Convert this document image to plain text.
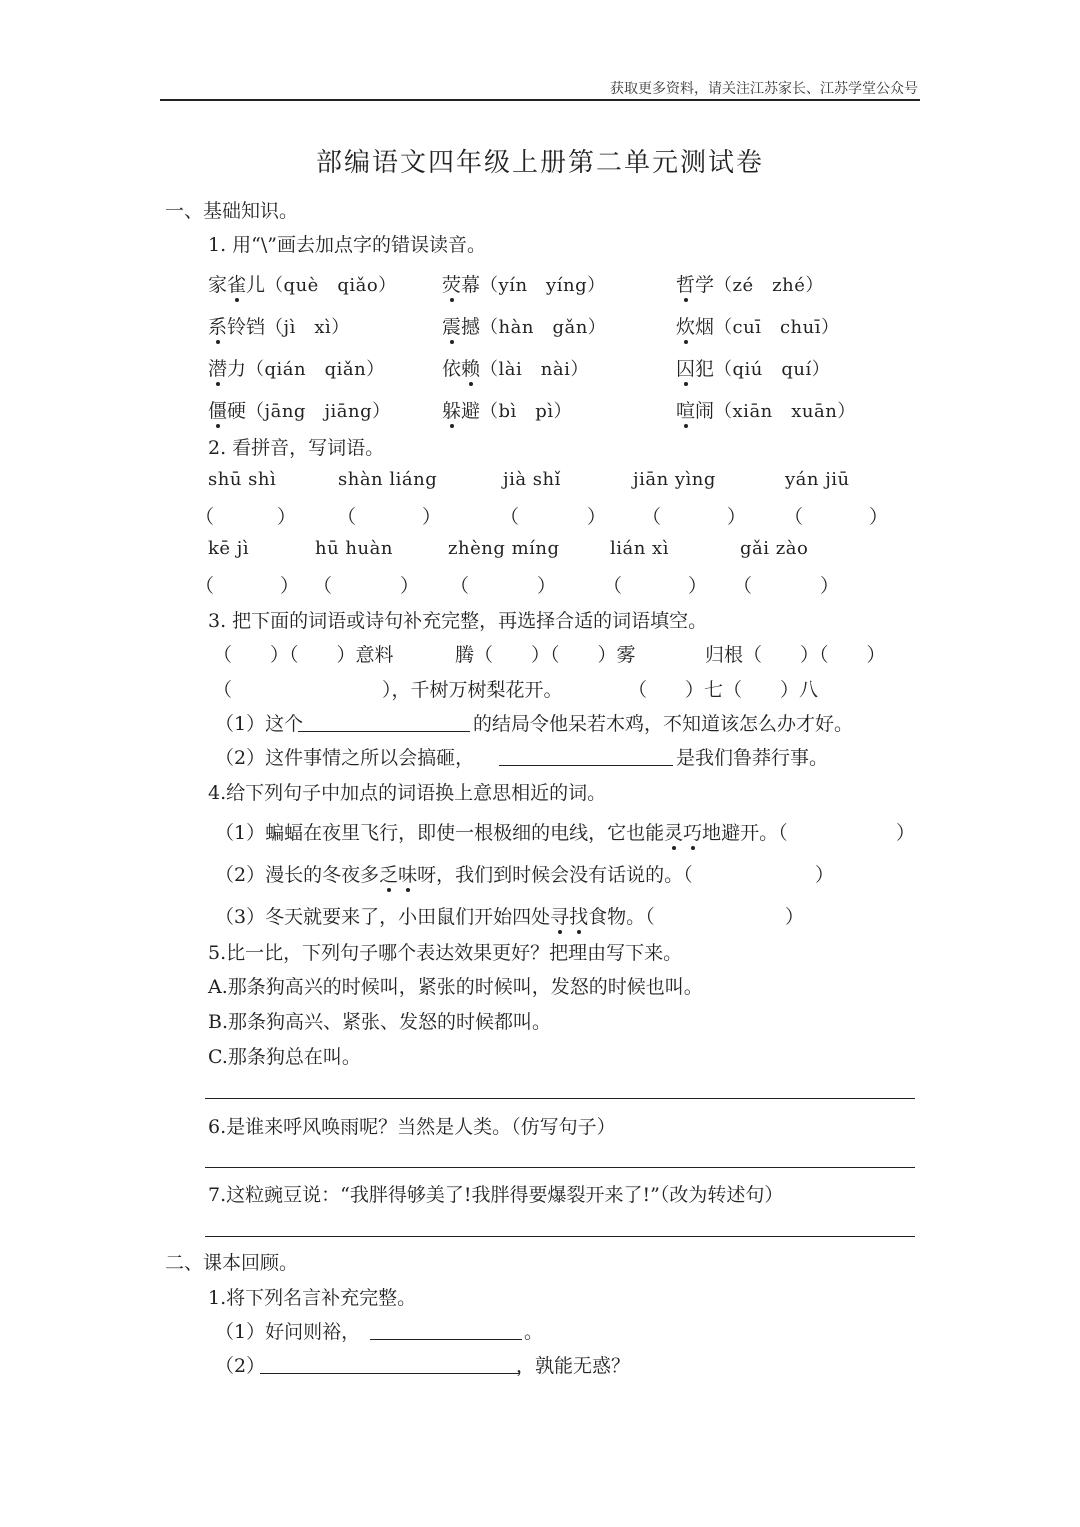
获取更多资料，请关注江苏家长、江苏学堂公众号
部编语文四年级上册第二单元测试卷
一、基础知识。
1. 用“\”画去加点字的错误读音。
家雀儿（què　qiǎo） 荧幕（yín　yíng）	哲学（zé　zhé）
系铃铛（jì　xì）	震撼（hàn　gǎn）	炊烟（cuī　chuī）
潜力（qián　qiǎn）	依赖（lài　nài）	囚犯（qiú　quí）
僵硬（jāng　jiāng）	躲避（bì　pì）	喧闹（xiān　xuān）
2. 看拼音，写词语。
shū shì	shàn liáng	jià shǐ	jiān yìng	yán jiū
（	） （	）	（	） （	） （	）
kē jì	hū huàn	zhèng míng	lián xì	gǎi zào
（	） （	） （	） （	） （	）
3. 把下面的词语或诗句补充完整，再选择合适的词语填空。
（　　）（　　）意料	腾（　　）（　　）雾	归根（　　）（　　）
（	），千树万树梨花开。	（　　）七（　　）八
（1）这个	的结局令他呆若木鸡，不知道该怎么办才好。
（2）这件事情之所以会搞砸，	是我们鲁莽行事。
4.给下列句子中加点的词语换上意思相近的词。
（1）蝙蝠在夜里飞行，即使一根极细的电线，它也能灵巧地避开。（	）
（2）漫长的冬夜多乏味呀，我们到时候会没有话说的。（	）
（3）冬天就要来了，小田鼠们开始四处寻找食物。（	）
5.比一比，下列句子哪个表达效果更好？把理由写下来。
A.那条狗高兴的时候叫，紧张的时候叫，发怒的时候也叫。
B.那条狗高兴、紧张、发怒的时候都叫。
C.那条狗总在叫。
6.是谁来呼风唤雨呢？当然是人类。（仿写句子）
7.这粒豌豆说：“我胖得够美了!我胖得要爆裂开来了!”（改为转述句）
二、课本回顾。
1.将下列名言补充完整。
（1）好问则裕，	。
（2）	，孰能无惑？
